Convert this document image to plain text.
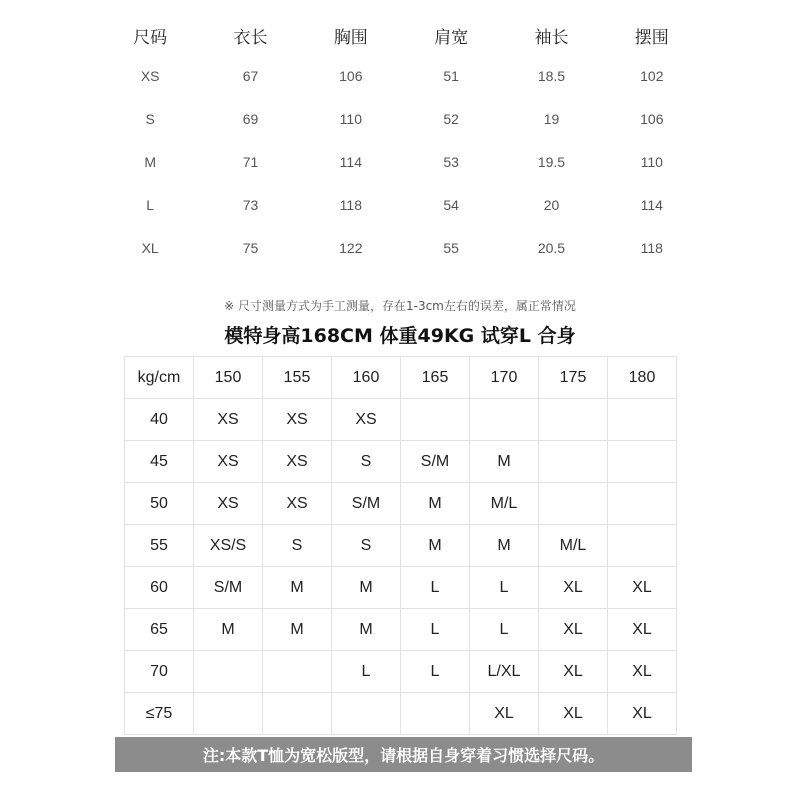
尺码	衣长	胸围	肩宽	袖长	摆围
XS	67	106	51	18.5	102
S	69	110	52	19	106
M	71	114	53	19.5	110
L	73	118	54	20	114
XL	75	122	55	20.5	118
※ 尺寸测量方式为手工测量，存在1-3cm左右的误差，属正常情况
模特身高168CM 体重49KG 试穿L 合身
kg/cm	150	155	160	165	170	175	180
40	XS	XS	XS				
45	XS	XS	S	S/M	M		
50	XS	XS	S/M	M	M/L		
55	XS/S	S	S	M	M	M/L	
60	S/M	M	M	L	L	XL	XL
65	M	M	M	L	L	XL	XL
70			L	L	L/XL	XL	XL
≤75					XL	XL	XL
注:本款T恤为宽松版型，请根据自身穿着习惯选择尺码。
